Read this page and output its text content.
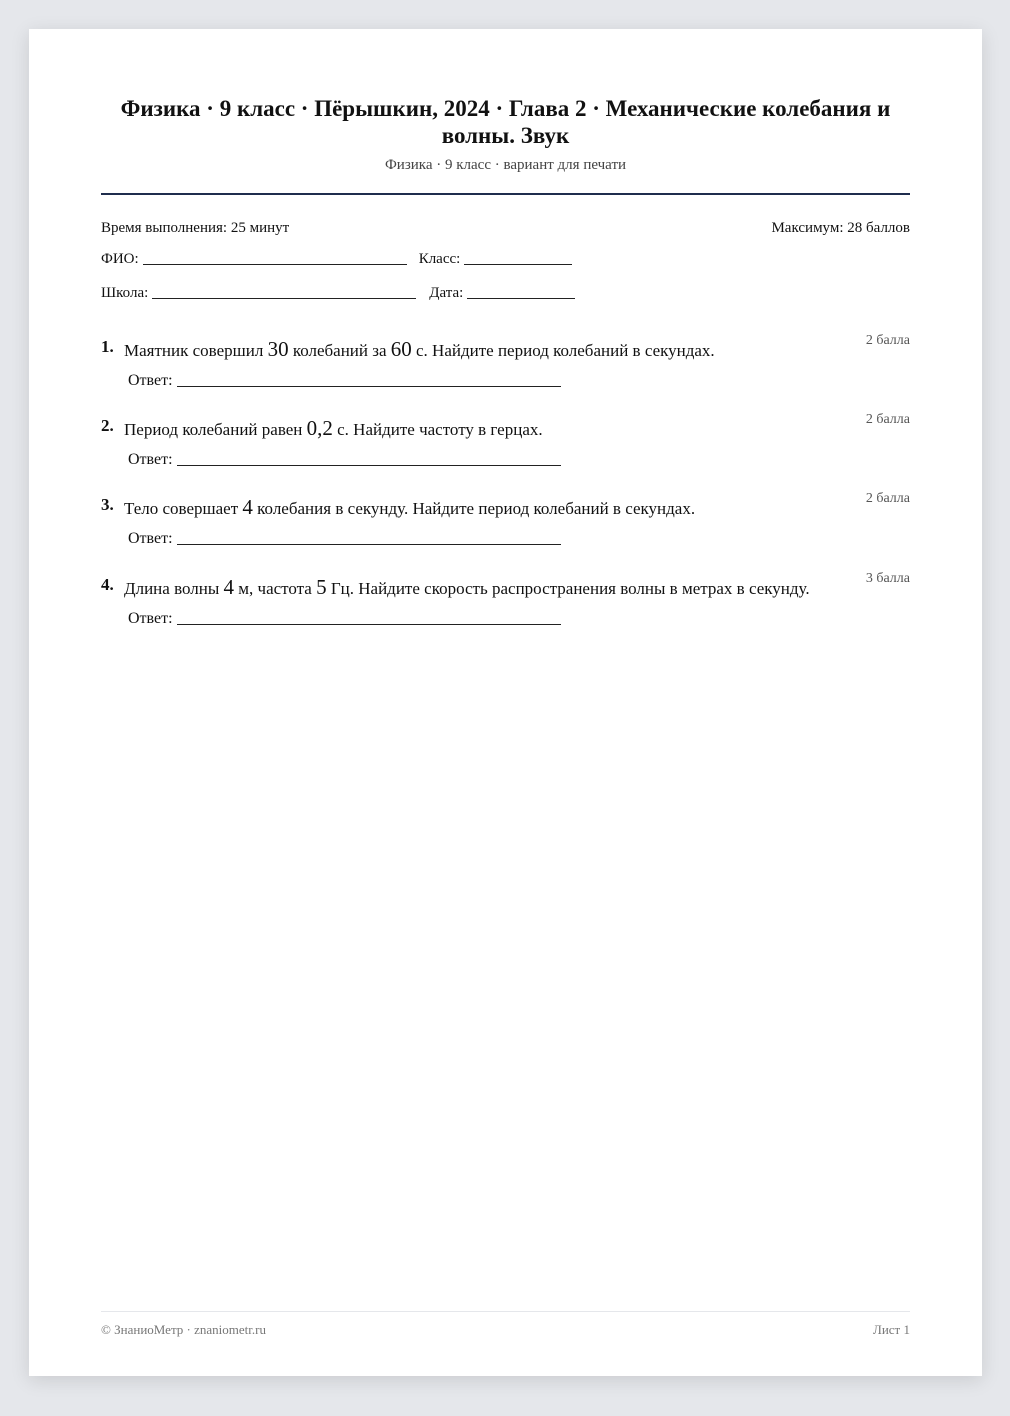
Физика · 9 класс · Пёрышкин, 2024 · Глава 2 · Механические колебания и волны. Звук
Физика · 9 класс · вариант для печати
Время выполнения: 25 минут	Максимум: 28 баллов
ФИО:	Класс:
Школа:	Дата:
1. Маятник совершил 30 колебаний за 60 с. Найдите период колебаний в секундах.
2 балла
Ответ:
2. Период колебаний равен 0,2 с. Найдите частоту в герцах.
2 балла
Ответ:
3. Тело совершает 4 колебания в секунду. Найдите период колебаний в секундах.
2 балла
Ответ:
4. Длина волны 4 м, частота 5 Гц. Найдите скорость распространения волны в метрах в секунду.
3 балла
Ответ:
© ЗнаниоМетр · znaniometr.ru	Лист 1
